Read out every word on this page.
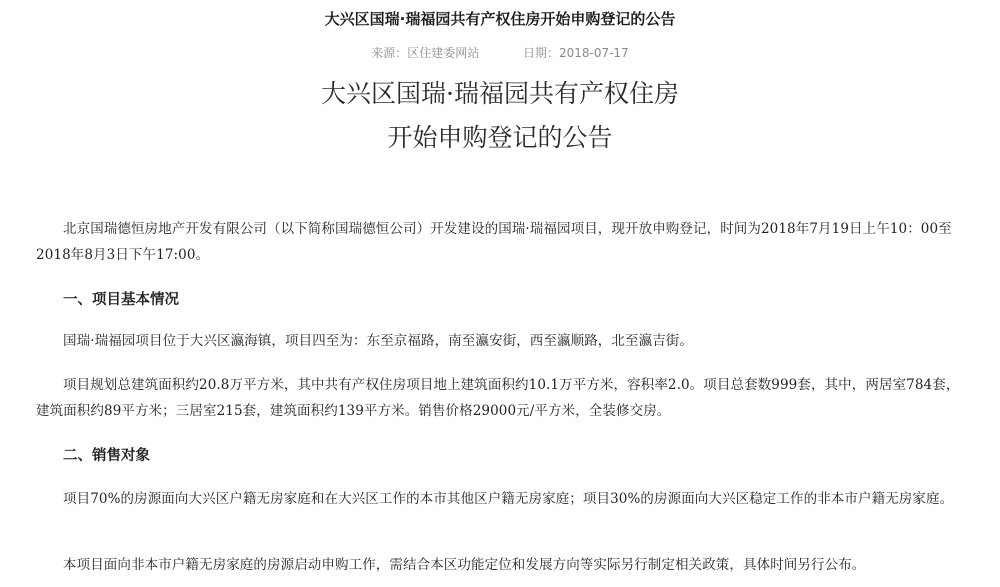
大兴区国瑞·瑞福园共有产权住房开始申购登记的公告
来源：区住建委网站	日期：2018-07-17
大兴区国瑞·瑞福园共有产权住房
开始申购登记的公告

北京国瑞德恒房地产开发有限公司（以下简称国瑞德恒公司）开发建设的国瑞·瑞福园项目，现开放申购登记，时间为2018年7月19日上午10：00至2018年8月3日下午17:00。

一、项目基本情况

国瑞·瑞福园项目位于大兴区瀛海镇，项目四至为：东至京福路，南至瀛安街，西至瀛顺路，北至瀛吉街。

项目规划总建筑面积约20.8万平方米，其中共有产权住房项目地上建筑面积约10.1万平方米，容积率2.0。项目总套数999套，其中，两居室784套，建筑面积约89平方米；三居室215套，建筑面积约139平方米。销售价格29000元/平方米，全装修交房。

二、销售对象

项目70%的房源面向大兴区户籍无房家庭和在大兴区工作的本市其他区户籍无房家庭；项目30%的房源面向大兴区稳定工作的非本市户籍无房家庭。

本项目面向非本市户籍无房家庭的房源启动申购工作，需结合本区功能定位和发展方向等实际另行制定相关政策，具体时间另行公布。
